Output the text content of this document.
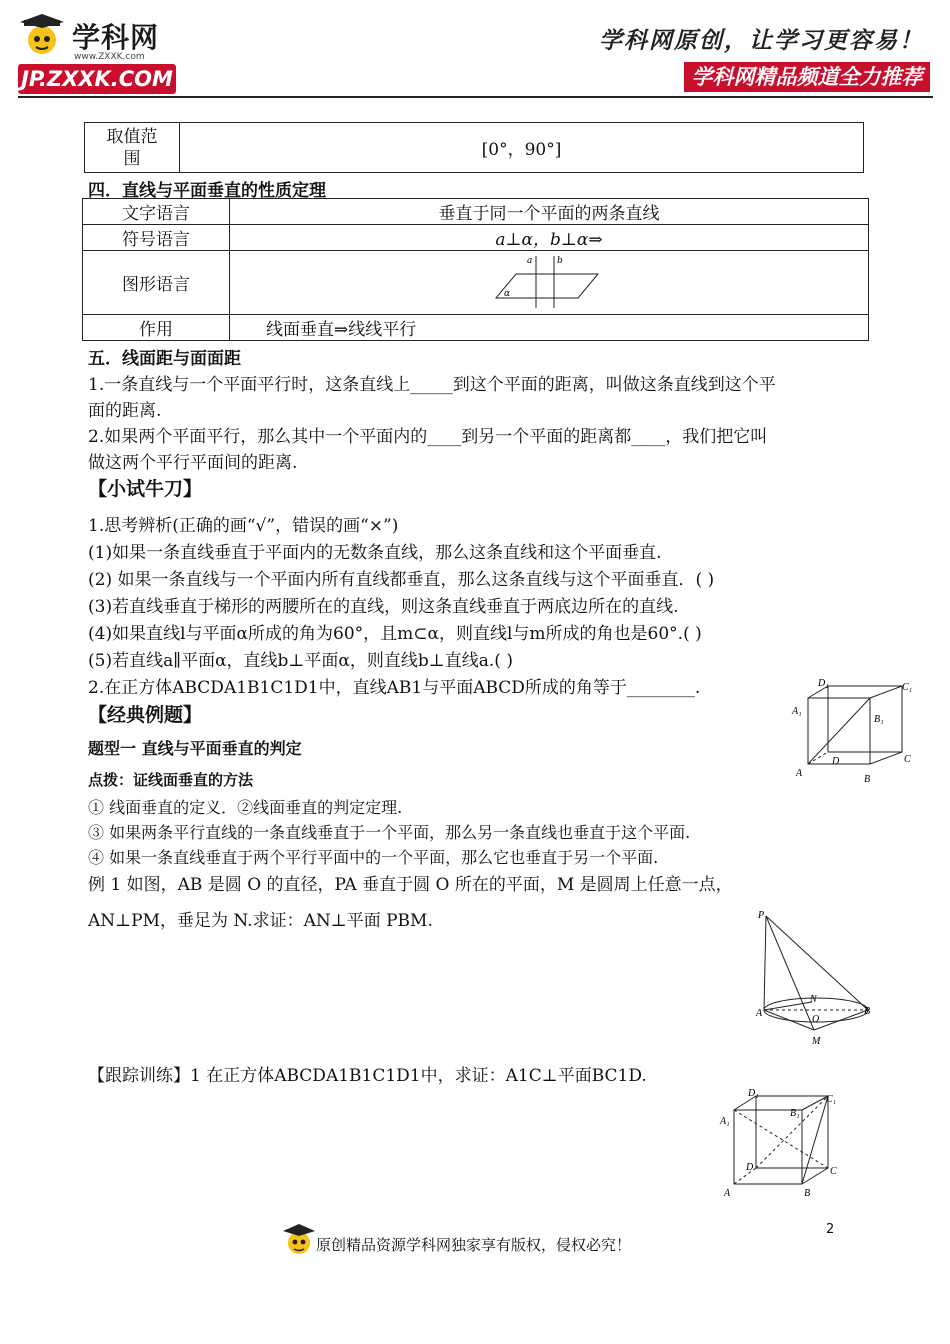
学科网
www.ZXXK.com
JP.ZXXK.COM
学科网原创，让学习更容易！
学科网精品频道全力推荐
取值范
围	[0°，90°]
四．直线与平面垂直的性质定理
文字语言	垂直于同一个平面的两条直线
符号语言	a⊥α，b⊥α⇒
图形语言	a b
α

作用	线面垂直⇒线线平行
五．线面距与面面距
1.一条直线与一个平面平行时，这条直线上_____到这个平面的距离，叫做这条直线到这个平
面的距离.
2.如果两个平面平行，那么其中一个平面内的____到另一个平面的距离都____，我们把它叫
做这两个平行平面间的距离.
【小试牛刀】
1.思考辨析(正确的画“√”，错误的画“×”)
(1)如果一条直线垂直于平面内的无数条直线，那么这条直线和这个平面垂直.
(2) 如果一条直线与一个平面内所有直线都垂直，那么这条直线与这个平面垂直．( )
(3)若直线垂直于梯形的两腰所在的直线，则这条直线垂直于两底边所在的直线.
(4)如果直线l与平面α所成的角为60°，且m⊂α，则直线l与m所成的角也是60°.( )
(5)若直线a∥平面α，直线b⊥平面α，则直线b⊥直线a.( )
2.在正方体ABCDA1B1C1D1中，直线AB1与平面ABCD所成的角等于________.	D₁	C₁
A₁
B₁
D	C
A
B
【经典例题】
题型一 直线与平面垂直的判定
点拨：证线面垂直的方法
① 线面垂直的定义．②线面垂直的判定定理.
③ 如果两条平行直线的一条直线垂直于一个平面，那么另一条直线也垂直于这个平面.
④ 如果一条直线垂直于两个平行平面中的一个平面，那么它也垂直于另一个平面.
例 1 如图，AB 是圆 O 的直径，PA 垂直于圆 O 所在的平面，M 是圆周上任意一点，
AN⊥PM，垂足为 N.求证：AN⊥平面 PBM.	P
N
O
B
A
M
【跟踪训练】1 在正方体ABCDA1B1C1D1中，求证：A1C⊥平面BC1D.
D₁
C₁
A₁
B₁
D	C
A	B
2
原创精品资源学科网独家享有版权，侵权必究！
